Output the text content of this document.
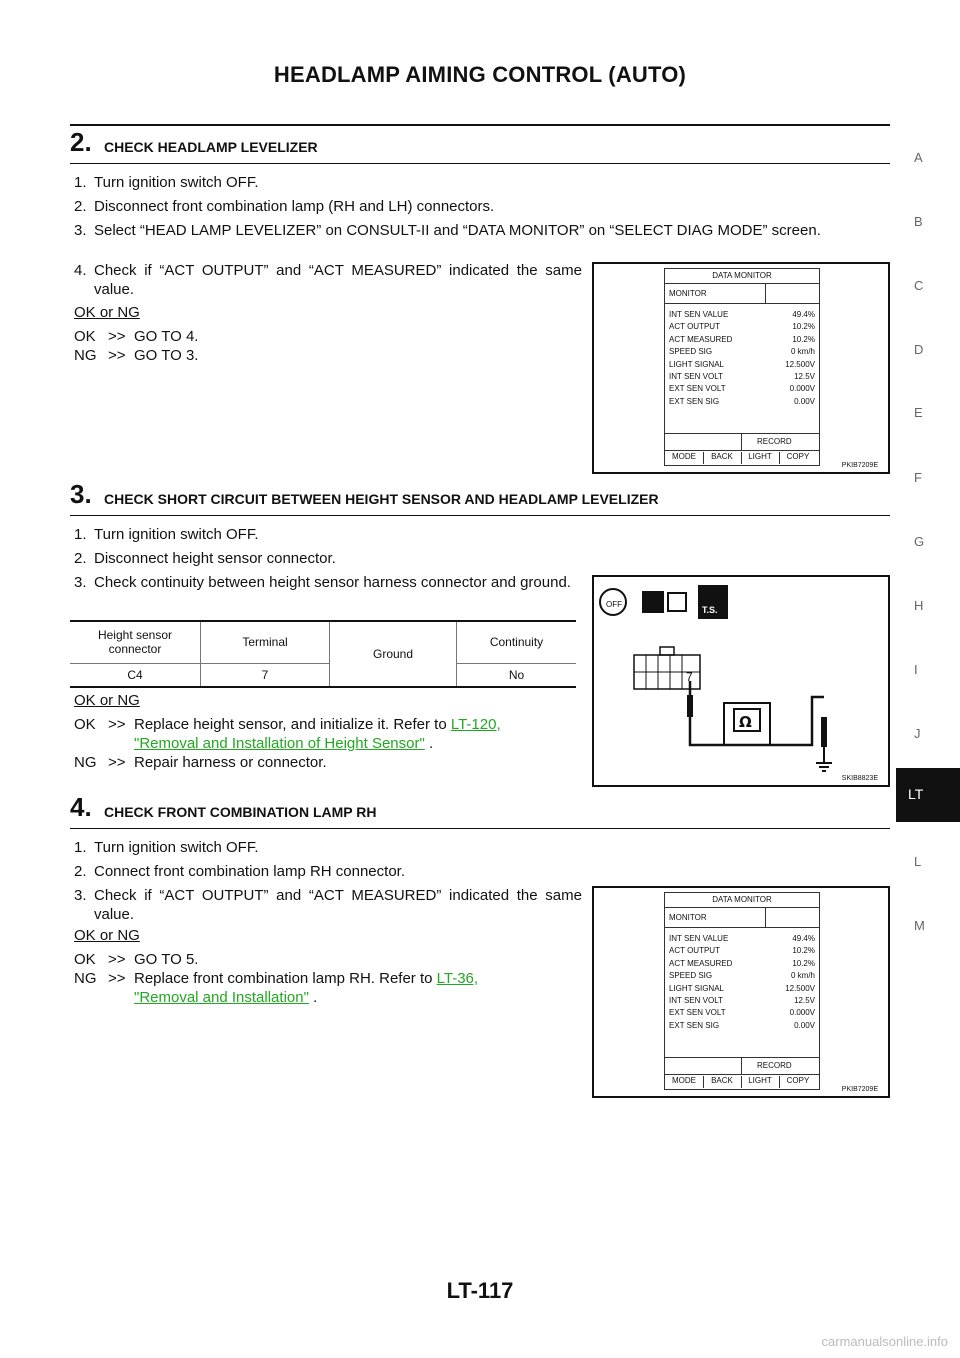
HEADLAMP AIMING CONTROL (AUTO)
A
B
C
D
E
F
G
H
I
J
LT
L
M
2. CHECK HEADLAMP LEVELIZER
1. Turn ignition switch OFF.
2. Disconnect front combination lamp (RH and LH) connectors.
3. Select “HEAD LAMP LEVELIZER” on CONSULT-II and “DATA MONITOR” on “SELECT DIAG MODE” screen.
4. Check if “ACT OUTPUT” and “ACT MEASURED” indicated the same value.
OK or NG
OK >> GO TO 4.
NG >> GO TO 3.
DATA MONITOR
MONITOR
INT SEN VALUE	49.4%
ACT OUTPUT	10.2%
ACT MEASURED	10.2%
SPEED SIG	0 km/h
LIGHT SIGNAL	12.500V
INT SEN VOLT	12.5V
EXT SEN VOLT	0.000V
EXT SEN SIG	0.00V
RECORD
MODE	BACK	LIGHT	COPY
PKIB7209E
3. CHECK SHORT CIRCUIT BETWEEN HEIGHT SENSOR AND HEADLAMP LEVELIZER
1. Turn ignition switch OFF.
2. Disconnect height sensor connector.
3. Check continuity between height sensor harness connector and ground.
Height sensor connector	Terminal	Ground	Continuity
C4	7		No
OK or NG
OK >> Replace height sensor, and initialize it. Refer to LT-120,
"Removal and Installation of Height Sensor" .
NG >> Repair harness or connector.
OFF
T.S.
7
Ω
SKIB8823E
4. CHECK FRONT COMBINATION LAMP RH
1. Turn ignition switch OFF.
2. Connect front combination lamp RH connector.
3. Check if “ACT OUTPUT” and “ACT MEASURED” indicated the same value.
OK or NG
OK >> GO TO 5.
NG >> Replace front combination lamp RH. Refer to LT-36,
"Removal and Installation" .
DATA MONITOR
MONITOR
INT SEN VALUE	49.4%
ACT OUTPUT	10.2%
ACT MEASURED	10.2%
SPEED SIG	0 km/h
LIGHT SIGNAL	12.500V
INT SEN VOLT	12.5V
EXT SEN VOLT	0.000V
EXT SEN SIG	0.00V
RECORD
MODE	BACK	LIGHT	COPY
PKIB7209E
LT-117
carmanualsonline.info
